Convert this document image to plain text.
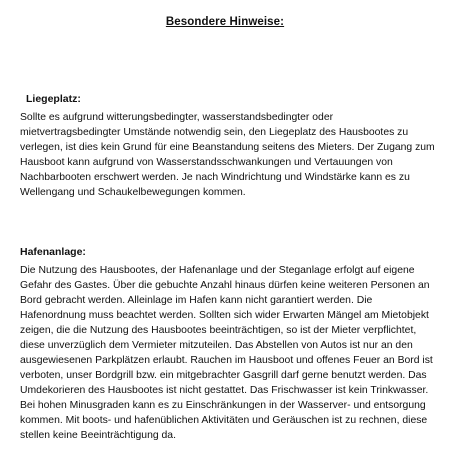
Besondere Hinweise:
Liegeplatz:
Sollte es aufgrund witterungsbedingter, wasserstandsbedingter oder mietvertragsbedingter Umstände notwendig sein, den Liegeplatz des Hausbootes zu verlegen, ist dies kein Grund für eine Beanstandung seitens des Mieters. Der Zugang zum Hausboot kann aufgrund von Wasserstandsschwankungen und Vertauungen von Nachbarbooten erschwert werden. Je nach Windrichtung und Windstärke kann es zu Wellengang und Schaukelbewegungen kommen.
Hafenanlage:
Die Nutzung des Hausbootes, der Hafenanlage und der Steganlage erfolgt auf eigene Gefahr des Gastes. Über die gebuchte Anzahl hinaus dürfen keine weiteren Personen an Bord gebracht werden. Alleinlage im Hafen kann nicht garantiert werden. Die Hafenordnung muss beachtet werden. Sollten sich wider Erwarten Mängel am Mietobjekt zeigen, die die Nutzung des Hausbootes beeinträchtigen, so ist der Mieter verpflichtet, diese unverzüglich dem Vermieter mitzuteilen. Das Abstellen von Autos ist nur an den ausgewiesenen Parkplätzen erlaubt. Rauchen im Hausboot und offenes Feuer an Bord ist verboten, unser Bordgrill bzw. ein mitgebrachter Gasgrill darf gerne benutzt werden. Das Umdekorieren des Hausbootes ist nicht gestattet. Das Frischwasser ist kein Trinkwasser. Bei hohen Minusgraden kann es zu Einschränkungen in der Wasserver- und entsorgung kommen. Mit boots- und hafenüblichen Aktivitäten und Geräuschen ist zu rechnen, diese stellen keine Beeinträchtigung da.
